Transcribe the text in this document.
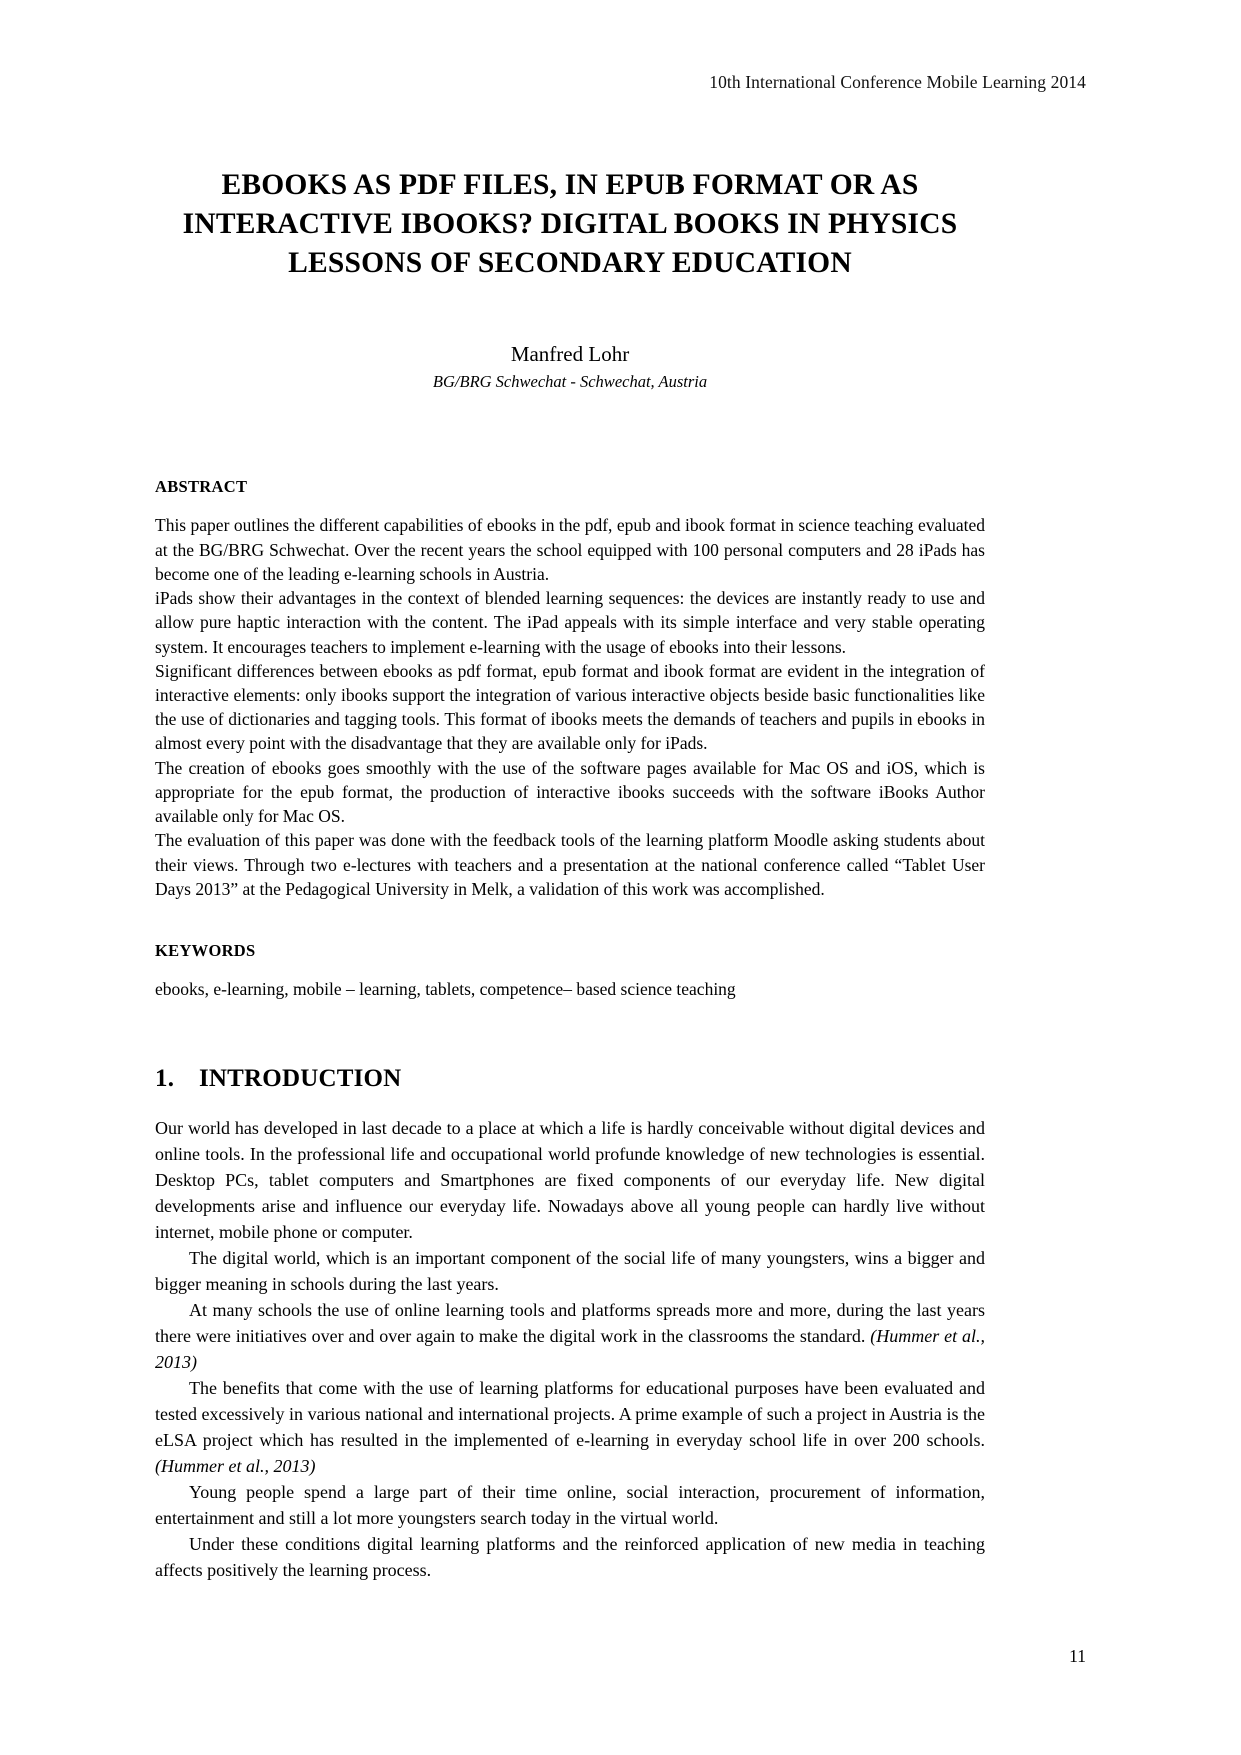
10th International Conference Mobile Learning 2014
EBOOKS AS PDF FILES, IN EPUB FORMAT OR AS INTERACTIVE IBOOKS? DIGITAL BOOKS IN PHYSICS LESSONS OF SECONDARY EDUCATION
Manfred Lohr
BG/BRG Schwechat - Schwechat, Austria
ABSTRACT

This paper outlines the different capabilities of ebooks in the pdf, epub and ibook format in science teaching evaluated at the BG/BRG Schwechat. Over the recent years the school equipped with 100 personal computers and 28 iPads has become one of the leading e-learning schools in Austria.

iPads show their advantages in the context of blended learning sequences: the devices are instantly ready to use and allow pure haptic interaction with the content. The iPad appeals with its simple interface and very stable operating system. It encourages teachers to implement e-learning with the usage of ebooks into their lessons.

Significant differences between ebooks as pdf format, epub format and ibook format are evident in the integration of interactive elements: only ibooks support the integration of various interactive objects beside basic functionalities like the use of dictionaries and tagging tools. This format of ibooks meets the demands of teachers and pupils in ebooks in almost every point with the disadvantage that they are available only for iPads.

The creation of ebooks goes smoothly with the use of the software pages available for Mac OS and iOS, which is appropriate for the epub format, the production of interactive ibooks succeeds with the software iBooks Author available only for Mac OS.

The evaluation of this paper was done with the feedback tools of the learning platform Moodle asking students about their views. Through two e-lectures with teachers and a presentation at the national conference called “Tablet User Days 2013” at the Pedagogical University in Melk, a validation of this work was accomplished.

KEYWORDS
ebooks, e-learning, mobile – learning, tablets, competence– based science teaching
1. INTRODUCTION

Our world has developed in last decade to a place at which a life is hardly conceivable without digital devices and online tools. In the professional life and occupational world profunde knowledge of new technologies is essential. Desktop PCs, tablet computers and Smartphones are fixed components of our everyday life. New digital developments arise and influence our everyday life. Nowadays above all young people can hardly live without internet, mobile phone or computer.

The digital world, which is an important component of the social life of many youngsters, wins a bigger and bigger meaning in schools during the last years.

At many schools the use of online learning tools and platforms spreads more and more, during the last years there were initiatives over and over again to make the digital work in the classrooms the standard. (Hummer et al., 2013)

The benefits that come with the use of learning platforms for educational purposes have been evaluated and tested excessively in various national and international projects. A prime example of such a project in Austria is the eLSA project which has resulted in the implemented of e-learning in everyday school life in over 200 schools. (Hummer et al., 2013)

Young people spend a large part of their time online, social interaction, procurement of information, entertainment and still a lot more youngsters search today in the virtual world.

Under these conditions digital learning platforms and the reinforced application of new media in teaching affects positively the learning process.

11
